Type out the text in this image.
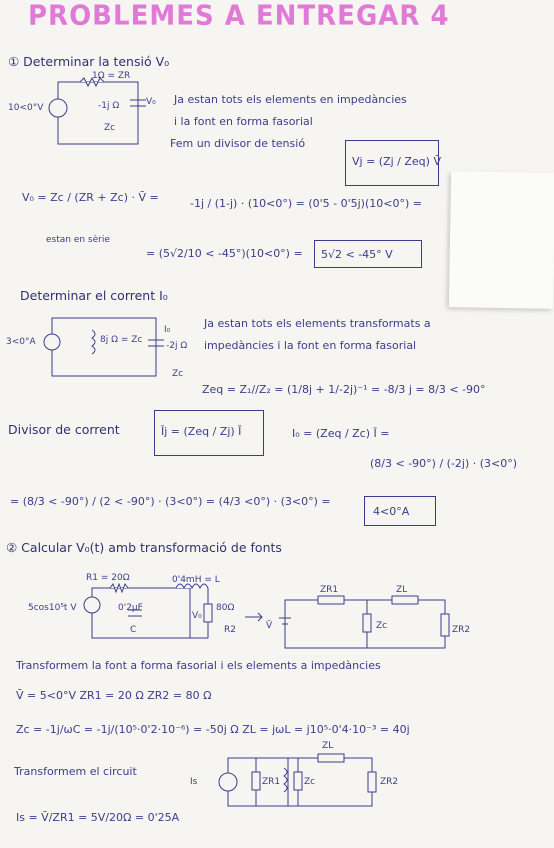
PROBLEMES A ENTREGAR 4
① Determinar la tensió V₀
10<0°V
1Ω = ZR
-1j Ω
Zc
V₀ Ja estan tots els elements en impedàncies
i la font en forma fasorial
Fem un divisor de tensió
Vj = (Zj / Zeq) V̄
V₀ = Zc / (ZR + Zc) · V̄ =	-1j / (1-j) · (10<0°) = (0'5 - 0'5j)(10<0°) =
estan en sèrie
= (5√2/10 < -45°)(10<0°) = 5√2 < -45° V
Determinar el corrent I₀
3<0°A	8j Ω = Zc
I₀
-2j Ω
Zc
Ja estan tots els elements transformats a
impedàncies i la font en forma fasorial
Zeq = Z₁//Z₂ = (1/8j + 1/-2j)⁻¹ = -8/3 j = 8/3 < -90°
Divisor de corrent	Īj = (Zeq / Zj) Ī	I₀ = (Zeq / Zc) Ī =
(8/3 < -90°) / (-2j) · (3<0°)
= (8/3 < -90°) / (2 < -90°) · (3<0°) = (4/3 <0°) · (3<0°) =
4<0°A
② Calcular V₀(t) amb transformació de fonts
R1 = 20Ω	0'4mH = L
5cos10⁵t V	0'2µF
C
80Ω
R2
V₀
ZR1	ZL
Zc	ZR2
V̄
Transformem la font a forma fasorial i els elements a impedàncies
V̄ = 5<0°V ZR1 = 20 Ω ZR2 = 80 Ω
Zc = -1j/ωC = -1j/(10⁵·0'2·10⁻⁶) = -50j Ω ZL = jωL = j10⁵·0'4·10⁻³ = 40j
Transformem el circuit
Is	ZR1	Zc
ZL
ZR2
Is = V̄/ZR1 = 5V/20Ω = 0'25A
